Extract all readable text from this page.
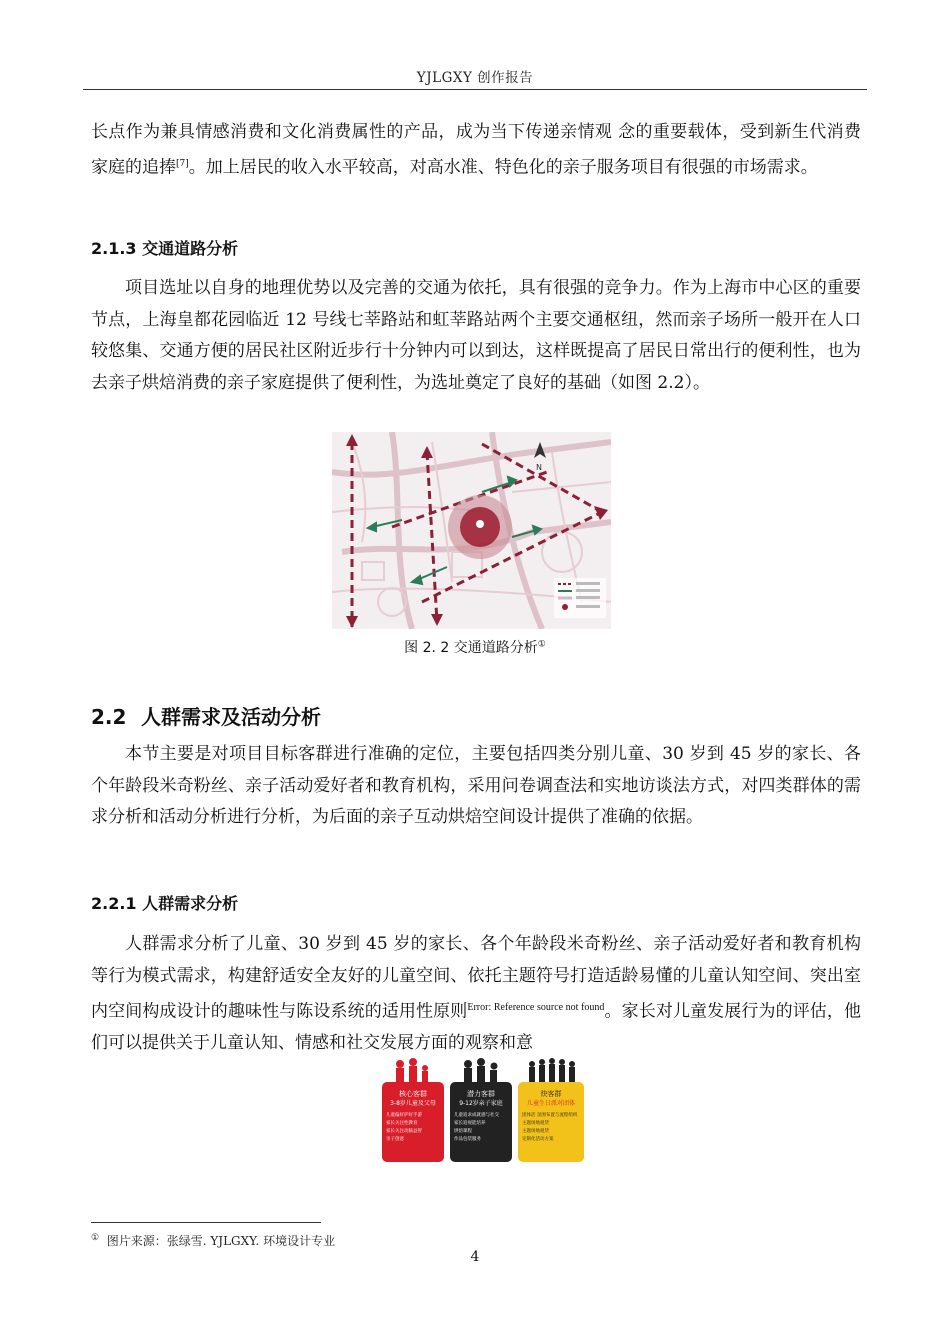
YJLGXY 创作报告

长点作为兼具情感消费和文化消费属性的产品，成为当下传递亲情观 念的重要载体，受到新生代消费家庭的追捧[7]。加上居民的收入水平较高，对高水准、特色化的亲子服务项目有很强的市场需求。

2.1.3 交通道路分析

项目选址以自身的地理优势以及完善的交通为依托，具有很强的竞争力。作为上海市中心区的重要节点，上海皇都花园临近 12 号线七莘路站和虹莘路站两个主要交通枢纽，然而亲子场所一般开在人口较悠集、交通方便的居民社区附近步行十分钟内可以到达，这样既提高了居民日常出行的便利性，也为去亲子烘焙消费的亲子家庭提供了便利性，为选址奠定了良好的基础（如图 2.2）。

N
图 2. 2 交通道路分析①
2.2 人群需求及活动分析

本节主要是对项目目标客群进行准确的定位，主要包括四类分别儿童、30 岁到 45 岁的家长、各个年龄段米奇粉丝、亲子活动爱好者和教育机构，采用问卷调查法和实地访谈法方式，对四类群体的需求分析和活动分析进行分析，为后面的亲子互动烘焙空间设计提供了准确的依据。

2.2.1 人群需求分析

人群需求分析了儿童、30 岁到 45 岁的家长、各个年龄段米奇粉丝、亲子活动爱好者和教育机构等行为模式需求，构建舒适安全友好的儿童空间、依托主题符号打造适龄易懂的儿童认知空间、突出室内空间构成设计的趣味性与陈设系统的适用性原则$^{Error: Reference source not found}$。家长对儿童发展行为的评估，他们可以提供关于儿童认知、情感和社交发展方面的观察和意

核心客群
3-8岁儿童及父母
儿童偏好护好手游
家长关注性教育
家长关注动脑益智
亲子创意
潜力客群
9-12岁亲子家庭
儿童追求成就感与社交
家长追视能培养
烘焙课程
作品包装服务
炔客群
儿童生日派对团体
团体活 氛围布置与流程组织
主题场地租赁
主题场地租赁
定制化活动方案
① 图片来源：张绿雪. YJLGXY. 环境设计专业
4
